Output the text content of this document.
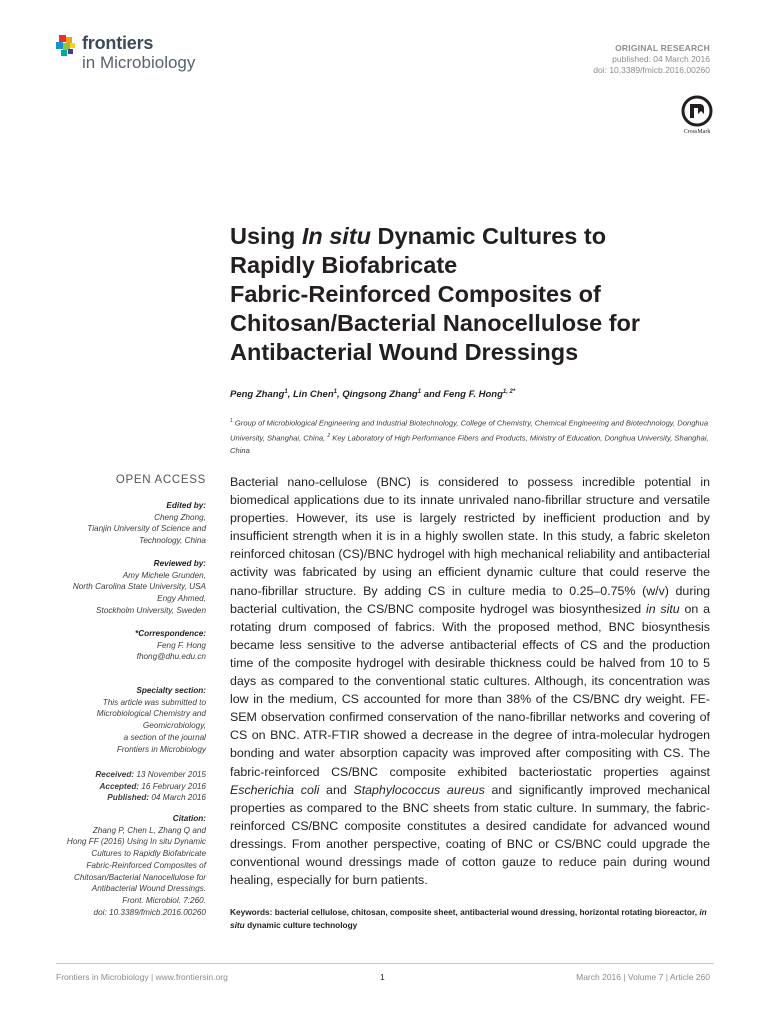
frontiers
in Microbiology
ORIGINAL RESEARCH
published: 04 March 2016
doi: 10.3389/fmicb.2016.00260
CrossMark
Using In situ Dynamic Cultures to
Rapidly Biofabricate
Fabric-Reinforced Composites of
Chitosan/Bacterial Nanocellulose for
Antibacterial Wound Dressings
Peng Zhang$^1$, Lin Chen$^1$, Qingsong Zhang$^1$ and Feng F. Hong$^{1, 2*}$
$^1$ Group of Microbiological Engineering and Industrial Biotechnology, College of Chemistry, Chemical Engineering and Biotechnology, Donghua University, Shanghai, China, $^2$ Key Laboratory of High Performance Fibers and Products, Ministry of Education, Donghua University, Shanghai, China
OPEN ACCESS
Edited by:
Cheng Zhong,
Tianjin University of Science and
Technology, China
Reviewed by:
Amy Michele Grunden,
North Carolina State University, USA
Engy Ahmed,
Stockholm University, Sweden
*Correspondence:
Feng F. Hong
fhong@dhu.edu.cn
Specialty section:
This article was submitted to
Microbiological Chemistry and
Geomicrobiology,
a section of the journal
Frontiers in Microbiology
Received: 13 November 2015
Accepted: 16 February 2016
Published: 04 March 2016
Citation:
Zhang P, Chen L, Zhang Q and
Hong FF (2016) Using In situ Dynamic
Cultures to Rapidly Biofabricate
Fabric-Reinforced Composites of
Chitosan/Bacterial Nanocellulose for
Antibacterial Wound Dressings.
Front. Microbiol. 7:260.
doi: 10.3389/fmicb.2016.00260
Bacterial nano-cellulose (BNC) is considered to possess incredible potential in biomedical applications due to its innate unrivaled nano-fibrillar structure and versatile properties. However, its use is largely restricted by inefficient production and by insufficient strength when it is in a highly swollen state. In this study, a fabric skeleton reinforced chitosan (CS)/BNC hydrogel with high mechanical reliability and antibacterial activity was fabricated by using an efficient dynamic culture that could reserve the nano-fibrillar structure. By adding CS in culture media to 0.25–0.75% (w/v) during bacterial cultivation, the CS/BNC composite hydrogel was biosynthesized in situ on a rotating drum composed of fabrics. With the proposed method, BNC biosynthesis became less sensitive to the adverse antibacterial effects of CS and the production time of the composite hydrogel with desirable thickness could be halved from 10 to 5 days as compared to the conventional static cultures. Although, its concentration was low in the medium, CS accounted for more than 38% of the CS/BNC dry weight. FE-SEM observation confirmed conservation of the nano-fibrillar networks and covering of CS on BNC. ATR-FTIR showed a decrease in the degree of intra-molecular hydrogen bonding and water absorption capacity was improved after compositing with CS. The fabric-reinforced CS/BNC composite exhibited bacteriostatic properties against Escherichia coli and Staphylococcus aureus and significantly improved mechanical properties as compared to the BNC sheets from static culture. In summary, the fabric-reinforced CS/BNC composite constitutes a desired candidate for advanced wound dressings. From another perspective, coating of BNC or CS/BNC could upgrade the conventional wound dressings made of cotton gauze to reduce pain during wound healing, especially for burn patients.
Keywords: bacterial cellulose, chitosan, composite sheet, antibacterial wound dressing, horizontal rotating bioreactor, in situ dynamic culture technology
Frontiers in Microbiology | www.frontiersin.org	1	March 2016 | Volume 7 | Article 260
